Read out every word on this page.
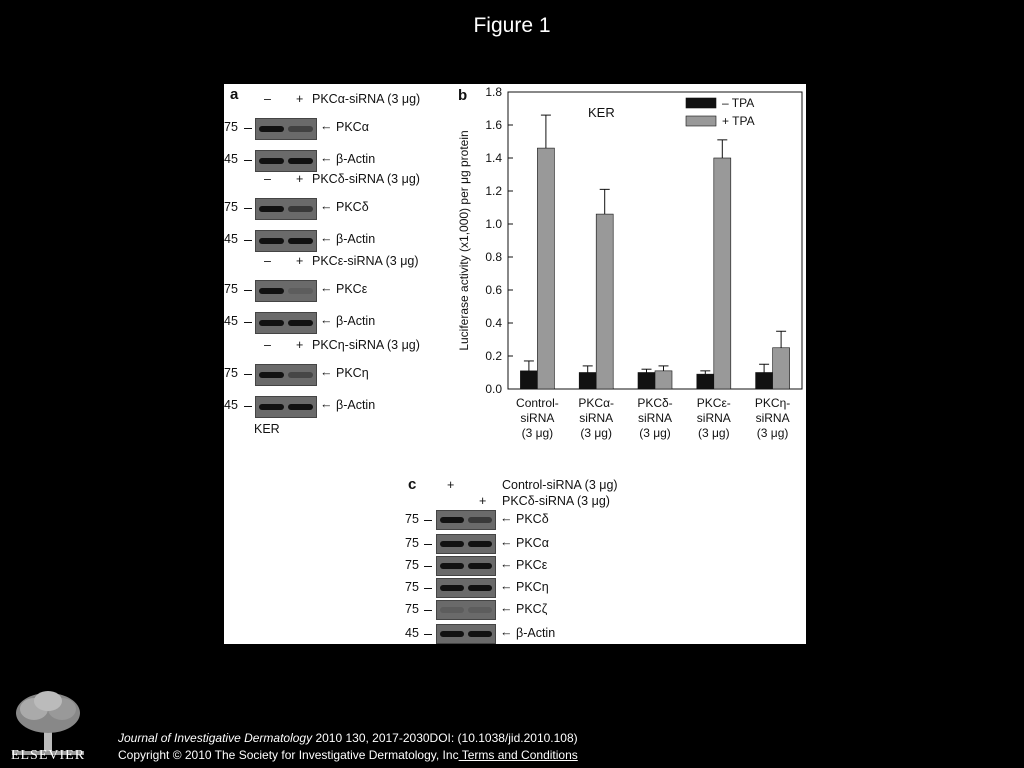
Figure 1
a – + PKCα-siRNA (3 μg)
75	← PKCα
45	← β-Actin
– + PKCδ-siRNA (3 μg)
75	← PKCδ
45	← β-Actin
– + PKCε-siRNA (3 μg)
75	← PKCε
45	← β-Actin
– + PKCη-siRNA (3 μg)
75	← PKCη
45	← β-Actin
KER
b
0.0
0.2
0.4
0.6
0.8
1.0
1.2
1.4
1.6
1.8
Luciferase activity (x1,000) per μg protein
KER
Control-
siRNA
(3 μg)
PKCα-
siRNA
(3 μg)
PKCδ-
siRNA
(3 μg)
PKCε-
siRNA
(3 μg)
PKCη-
siRNA
(3 μg)
– TPA
+ TPA
c +
+
Control-siRNA (3 μg)
PKCδ-siRNA (3 μg)
75	← PKCδ
75	← PKCα
75	← PKCε
75	← PKCη
75	← PKCζ
45	← β-Actin
ELSEVIER
Journal of Investigative Dermatology 2010 130, 2017-2030DOI: (10.1038/jid.2010.108)
Copyright © 2010 The Society for Investigative Dermatology, Inc Terms and Conditions
